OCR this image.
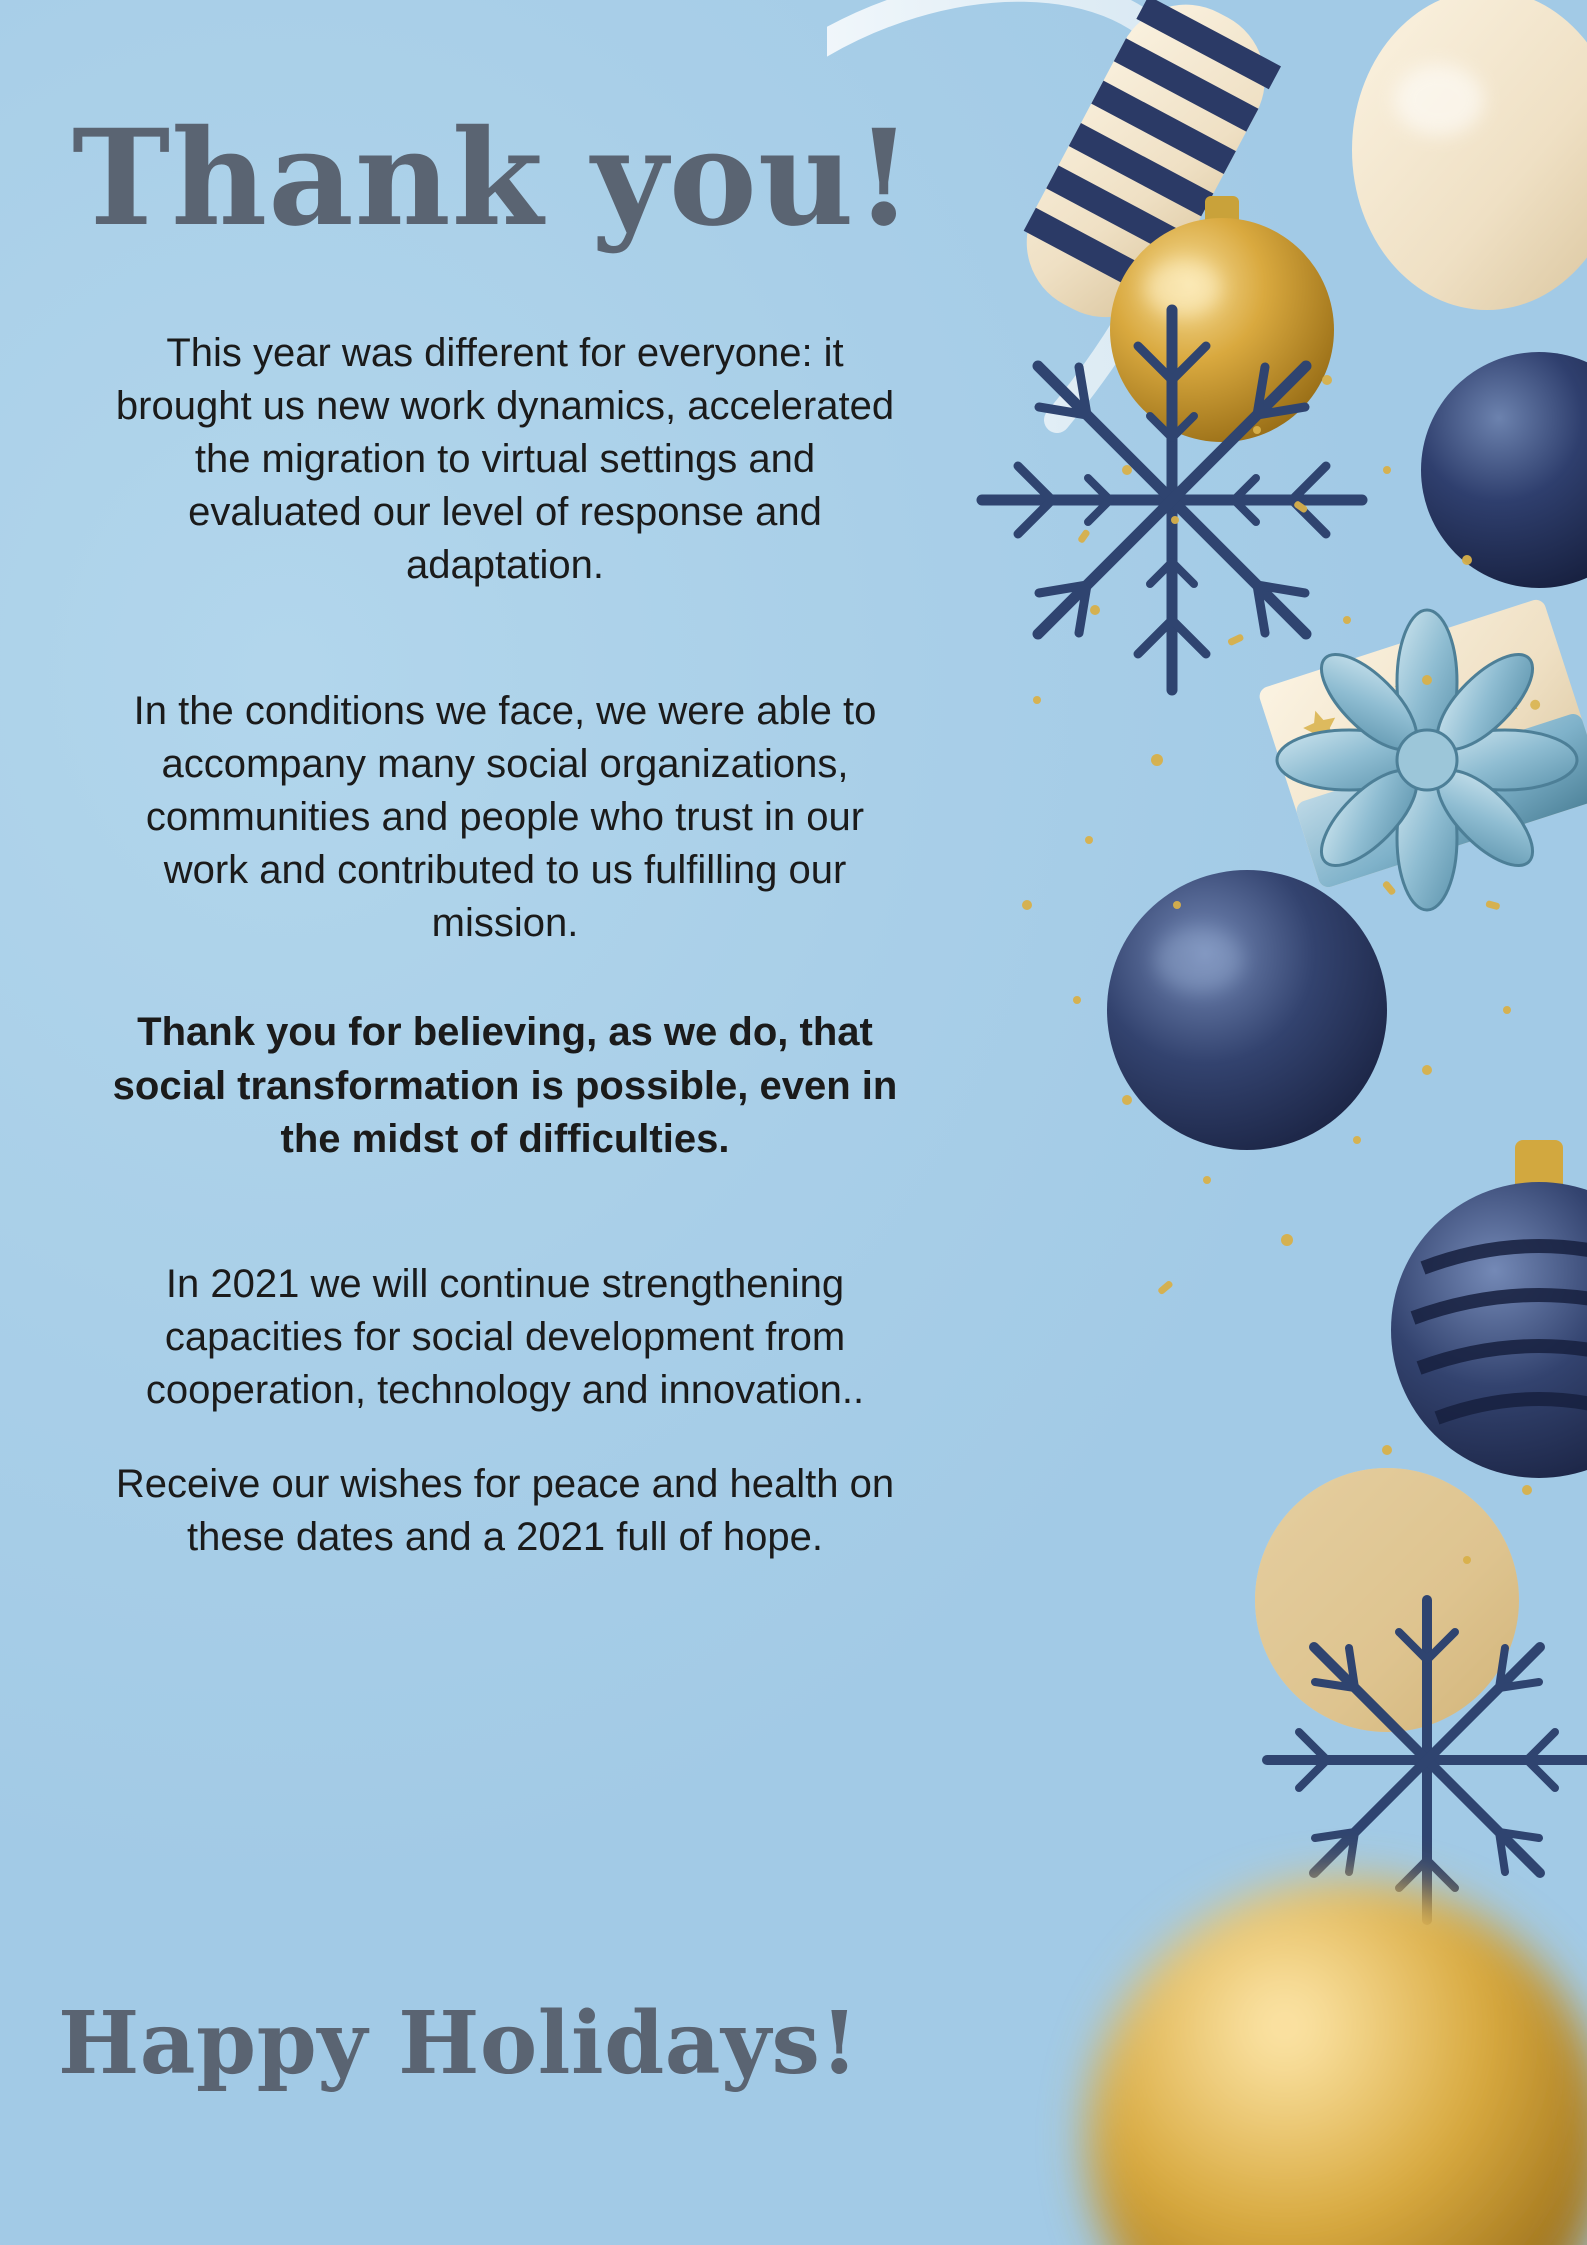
Thank you!

This year was different for everyone: it brought us new work dynamics, accelerated the migration to virtual settings and evaluated our level of response and adaptation.

In the conditions we face, we were able to accompany many social organizations, communities and people who trust in our work and contributed to us fulfilling our mission.

Thank you for believing, as we do, that social transformation is possible, even in the midst of difficulties.

In 2021 we will continue strengthening capacities for social development from cooperation, technology and innovation..

Receive our wishes for peace and health on these dates and a 2021 full of hope.

Happy Holidays!
